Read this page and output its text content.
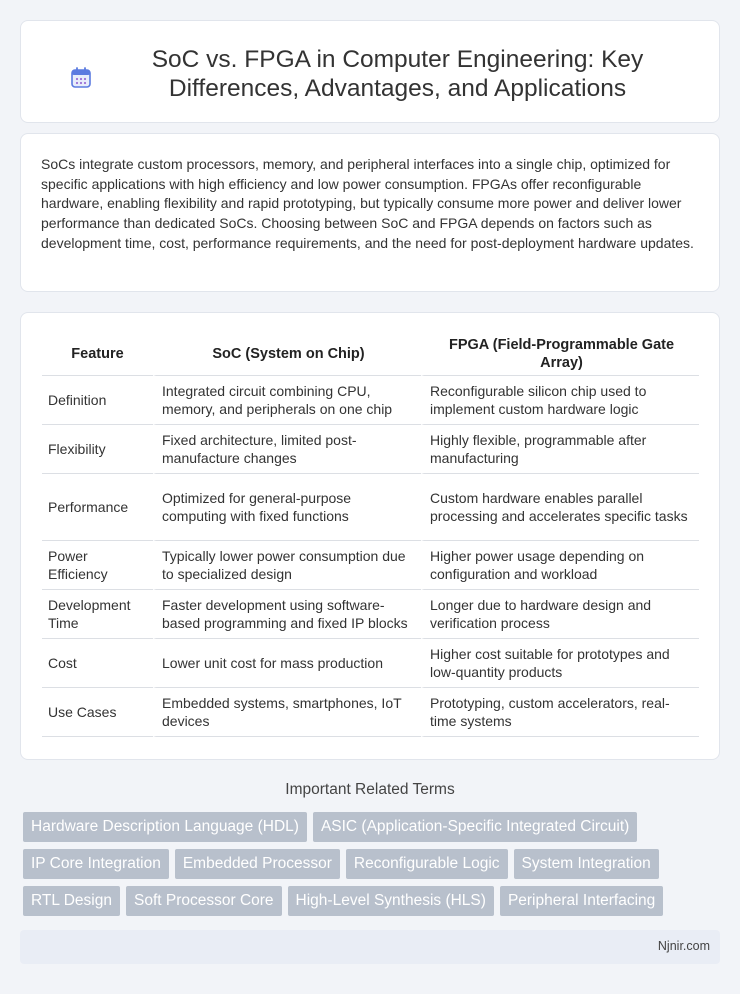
SoC vs. FPGA in Computer Engineering: Key Differences, Advantages, and Applications

SoCs integrate custom processors, memory, and peripheral interfaces into a single chip, optimized for specific applications with high efficiency and low power consumption. FPGAs offer reconfigurable hardware, enabling flexibility and rapid prototyping, but typically consume more power and deliver lower performance than dedicated SoCs. Choosing between SoC and FPGA depends on factors such as development time, cost, performance requirements, and the need for post-deployment hardware updates.

Feature	SoC (System on Chip)	FPGA (Field-Programmable Gate Array)
Definition	Integrated circuit combining CPU, memory, and peripherals on one chip	Reconfigurable silicon chip used to implement custom hardware logic
Flexibility	Fixed architecture, limited post-manufacture changes	Highly flexible, programmable after manufacturing
Performance	Optimized for general-purpose computing with fixed functions	Custom hardware enables parallel processing and accelerates specific tasks
Power Efficiency	Typically lower power consumption due to specialized design	Higher power usage depending on configuration and workload
Development Time	Faster development using software-based programming and fixed IP blocks	Longer due to hardware design and verification process
Cost	Lower unit cost for mass production	Higher cost suitable for prototypes and low-quantity products
Use Cases	Embedded systems, smartphones, IoT devices	Prototyping, custom accelerators, real-time systems
Important Related Terms
Hardware Description Language (HDL)	ASIC (Application-Specific Integrated Circuit)
IP Core Integration	Embedded Processor	Reconfigurable Logic	System Integration
RTL Design	Soft Processor Core	High-Level Synthesis (HLS)	Peripheral Interfacing
Njnir.com
